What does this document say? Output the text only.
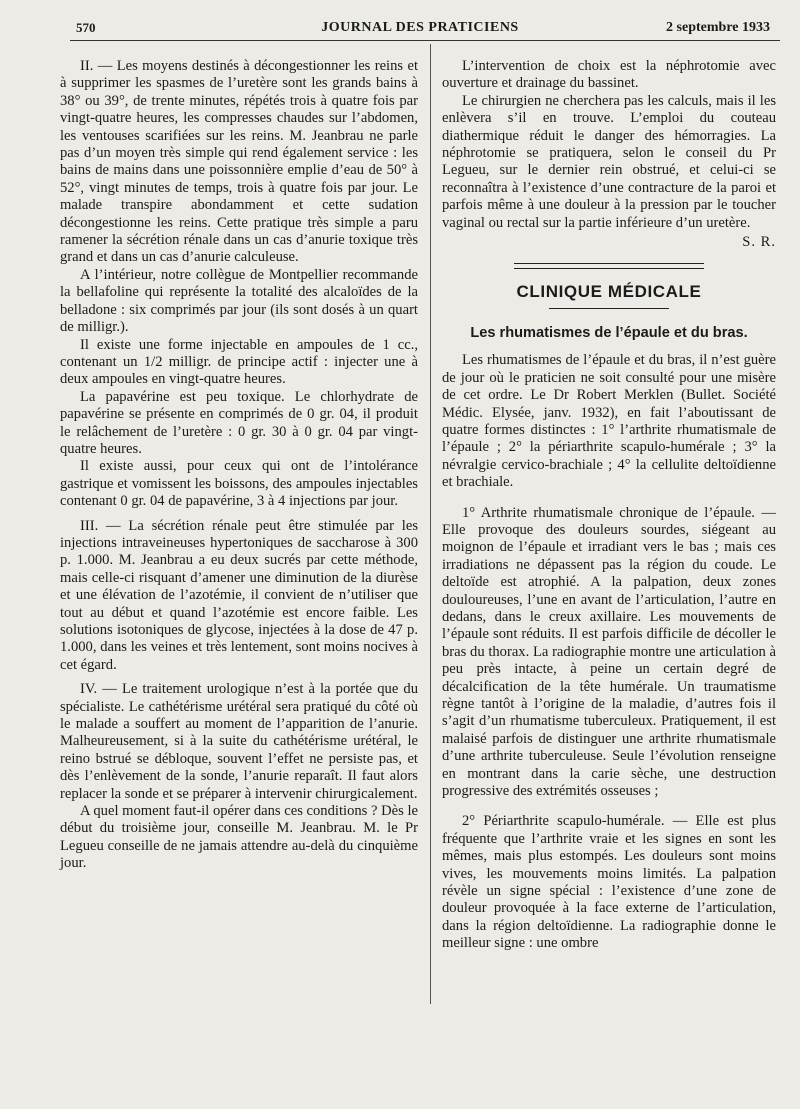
570	JOURNAL DES PRATICIENS	2 septembre 1933

II. — Les moyens destinés à décongestionner les reins et à supprimer les spasmes de l’uretère sont les grands bains à 38° ou 39°, de trente minutes, répétés trois à quatre fois par vingt-quatre heures, les compresses chaudes sur l’abdomen, les ventouses scarifiées sur les reins. M. Jeanbrau ne parle pas d’un moyen très simple qui rend également service : les bains de mains dans une poissonnière emplie d’eau de 50° à 52°, vingt minutes de temps, trois à quatre fois par jour. Le malade transpire abondamment et cette sudation décongestionne les reins. Cette pratique très simple a paru ramener la sécrétion rénale dans un cas d’anurie toxique très grand et dans un cas d’anurie calculeuse.

A l’intérieur, notre collègue de Montpellier recommande la bellafoline qui représente la totalité des alcaloïdes de la belladone : six comprimés par jour (ils sont dosés à un quart de milligr.).

Il existe une forme injectable en ampoules de 1 cc., contenant un 1/2 milligr. de principe actif : injecter une à deux ampoules en vingt-quatre heures.

La papavérine est peu toxique. Le chlorhydrate de papavérine se présente en comprimés de 0 gr. 04, il produit le relâchement de l’uretère : 0 gr. 30 à 0 gr. 04 par vingt-quatre heures.

Il existe aussi, pour ceux qui ont de l’intolérance gastrique et vomissent les boissons, des ampoules injectables contenant 0 gr. 04 de papavérine, 3 à 4 injections par jour.

III. — La sécrétion rénale peut être stimulée par les injections intraveineuses hypertoniques de saccharose à 300 p. 1.000. M. Jeanbrau a eu deux sucrés par cette méthode, mais celle-ci risquant d’amener une diminution de la diurèse et une élévation de l’azotémie, il convient de n’utiliser que tout au début et quand l’azotémie est encore faible. Les solutions isotoniques de glycose, injectées à la dose de 47 p. 1.000, dans les veines et très lentement, sont moins nocives à cet égard.

IV. — Le traitement urologique n’est à la portée que du spécialiste. Le cathétérisme urétéral sera pratiqué du côté où le malade a souffert au moment de l’apparition de l’anurie. Malheureusement, si à la suite du cathétérisme urétéral, le reino bstrué se débloque, souvent l’effet ne persiste pas, et dès l’enlèvement de la sonde, l’anurie reparaît. Il faut alors replacer la sonde et se préparer à intervenir chirurgicalement.

A quel moment faut-il opérer dans ces conditions ? Dès le début du troisième jour, conseille M. Jeanbrau. M. le Pr Legueu conseille de ne jamais attendre au-delà du cinquième jour.

L’intervention de choix est la néphrotomie avec ouverture et drainage du bassinet.

Le chirurgien ne cherchera pas les calculs, mais il les enlèvera s’il en trouve. L’emploi du couteau diathermique réduit le danger des hémorragies. La néphrotomie se pratiquera, selon le conseil du Pr Legueu, sur le dernier rein obstrué, et celui-ci se reconnaîtra à l’existence d’une contracture de la paroi et parfois même à une douleur à la pression par le toucher vaginal ou rectal sur la partie inférieure d’un uretère.

S. R.
CLINIQUE MÉDICALE
Les rhumatismes de l’épaule et du bras.

Les rhumatismes de l’épaule et du bras, il n’est guère de jour où le praticien ne soit consulté pour une misère de cet ordre. Le Dr Robert Merklen (Bullet. Société Médic. Elysée, janv. 1932), en fait l’aboutissant de quatre formes distinctes : 1° l’arthrite rhumatismale de l’épaule ; 2° la périarthrite scapulo-humérale ; 3° la névralgie cervico-brachiale ; 4° la cellulite deltoïdienne et brachiale.

1° Arthrite rhumatismale chronique de l’épaule. — Elle provoque des douleurs sourdes, siégeant au moignon de l’épaule et irradiant vers le bas ; mais ces irradiations ne dépassent pas la région du coude. Le deltoïde est atrophié. A la palpation, deux zones douloureuses, l’une en avant de l’articulation, l’autre en dedans, dans le creux axillaire. Les mouvements de l’épaule sont réduits. Il est parfois difficile de décoller le bras du thorax. La radiographie montre une articulation à peu près intacte, à peine un certain degré de décalcification de la tête humérale. Un traumatisme règne tantôt à l’origine de la maladie, d’autres fois il s’agit d’un rhumatisme tuberculeux. Pratiquement, il est malaisé parfois de distinguer une arthrite rhumatismale d’une arthrite tuberculeuse. Seule l’évolution renseigne en montrant dans la carie sèche, une destruction progressive des extrémités osseuses ;

2° Périarthrite scapulo-humérale. — Elle est plus fréquente que l’arthrite vraie et les signes en sont les mêmes, mais plus estompés. Les douleurs sont moins vives, les mouvements moins limités. La palpation révèle un signe spécial : l’existence d’une zone de douleur provoquée à la face externe de l’articulation, dans la région deltoïdienne. La radiographie donne le meilleur signe : une ombre
